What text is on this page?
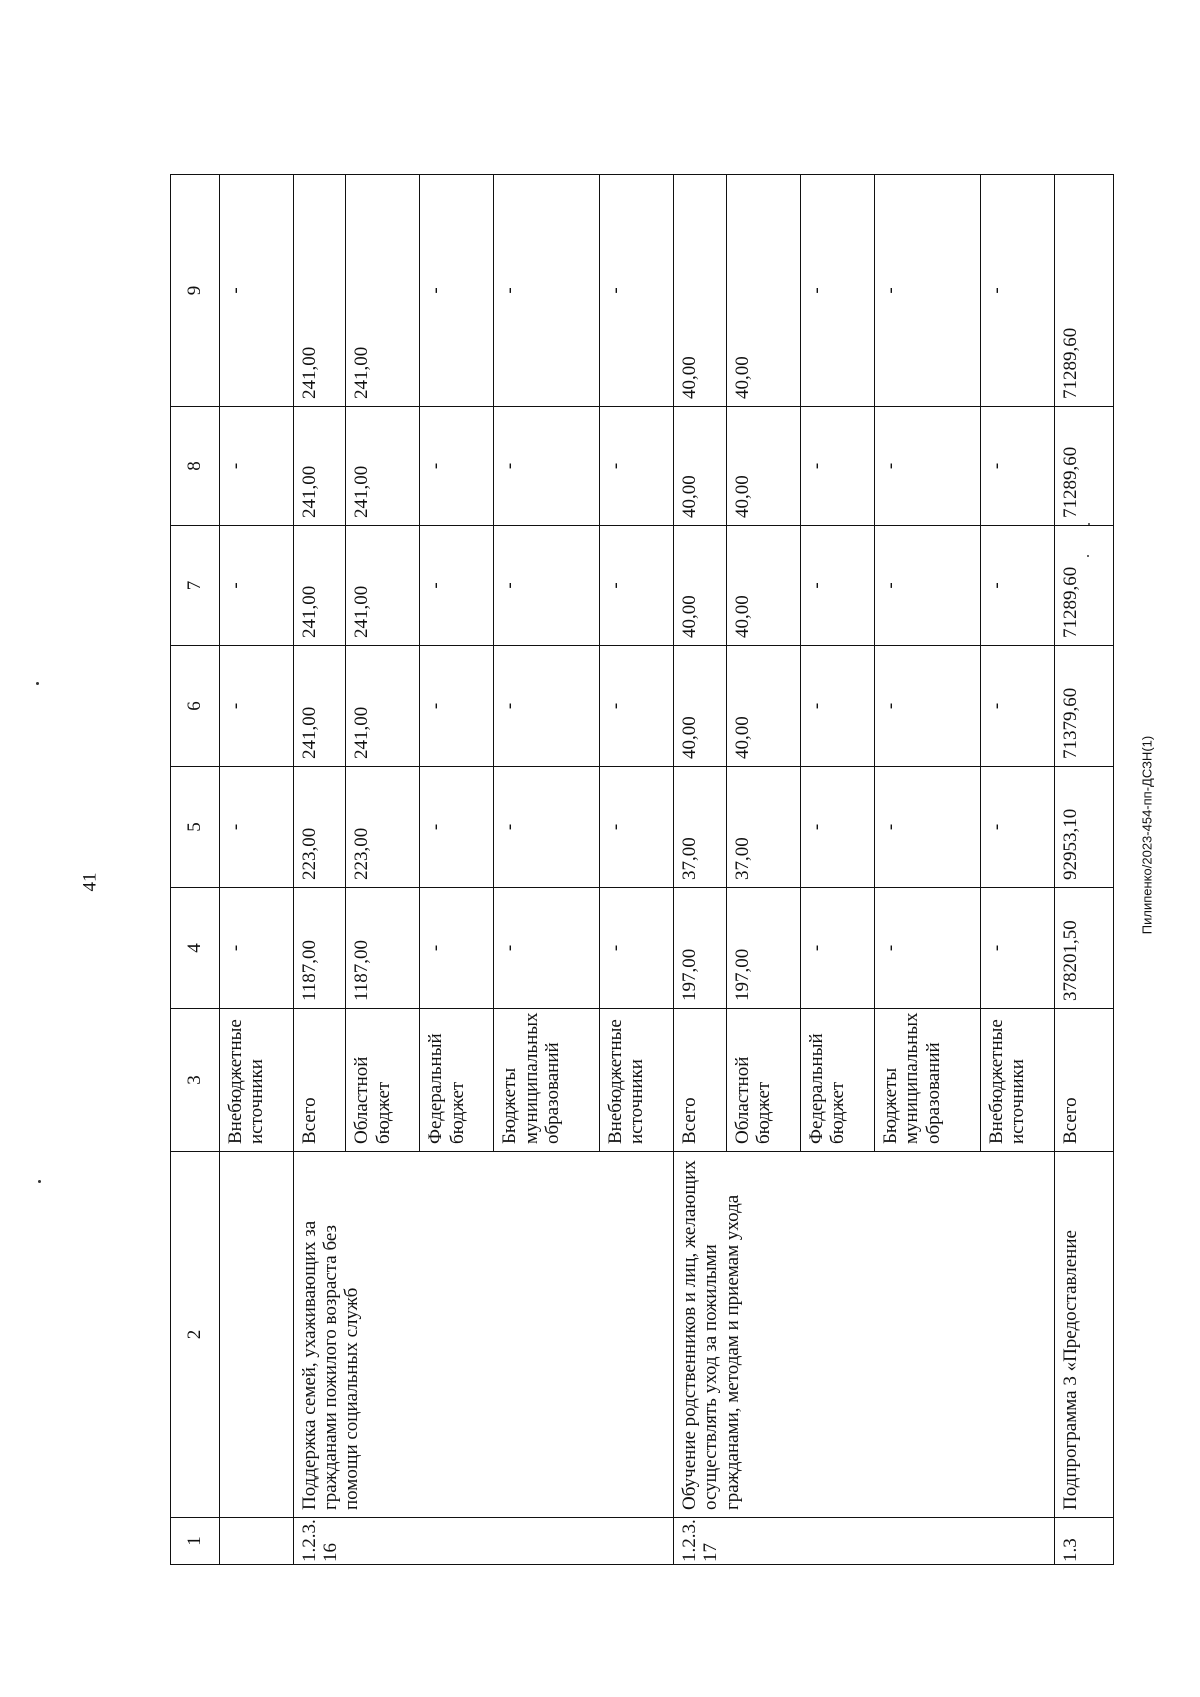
41	Пилипенко/2023-454-пп-ДСЗН(1)
1	2	3	4	5	6	7	8	9
		Внебюджетные источники	-	-	-	-	-	-
1.2.3.
16	Поддержка семей, ухаживающих за гражданами пожилого возраста без помощи социальных служб	Всего	1187,00	223,00	241,00	241,00	241,00	241,00
		Областной бюджет	1187,00	223,00	241,00	241,00	241,00	241,00
		Федеральный бюджет	-	-	-	-	-	-
		Бюджеты муниципальных образований	-	-	-	-	-	-
		Внебюджетные источники	-	-	-	-	-	-
1.2.3.
17	Обучение родственников и лиц, желающих осуществлять уход за пожилыми гражданами, методам и приемам ухода	Всего	197,00	37,00	40,00	40,00	40,00	40,00
		Областной бюджет	197,00	37,00	40,00	40,00	40,00	40,00
		Федеральный бюджет	-	-	-	-	-	-
		Бюджеты муниципальных образований	-	-	-	-	-	-
		Внебюджетные источники	-	-	-	-	-	-
1.3	Подпрограмма 3 «Предоставление	Всего	378201,50	92953,10	71379,60	71289,60	71289,60	71289,60
